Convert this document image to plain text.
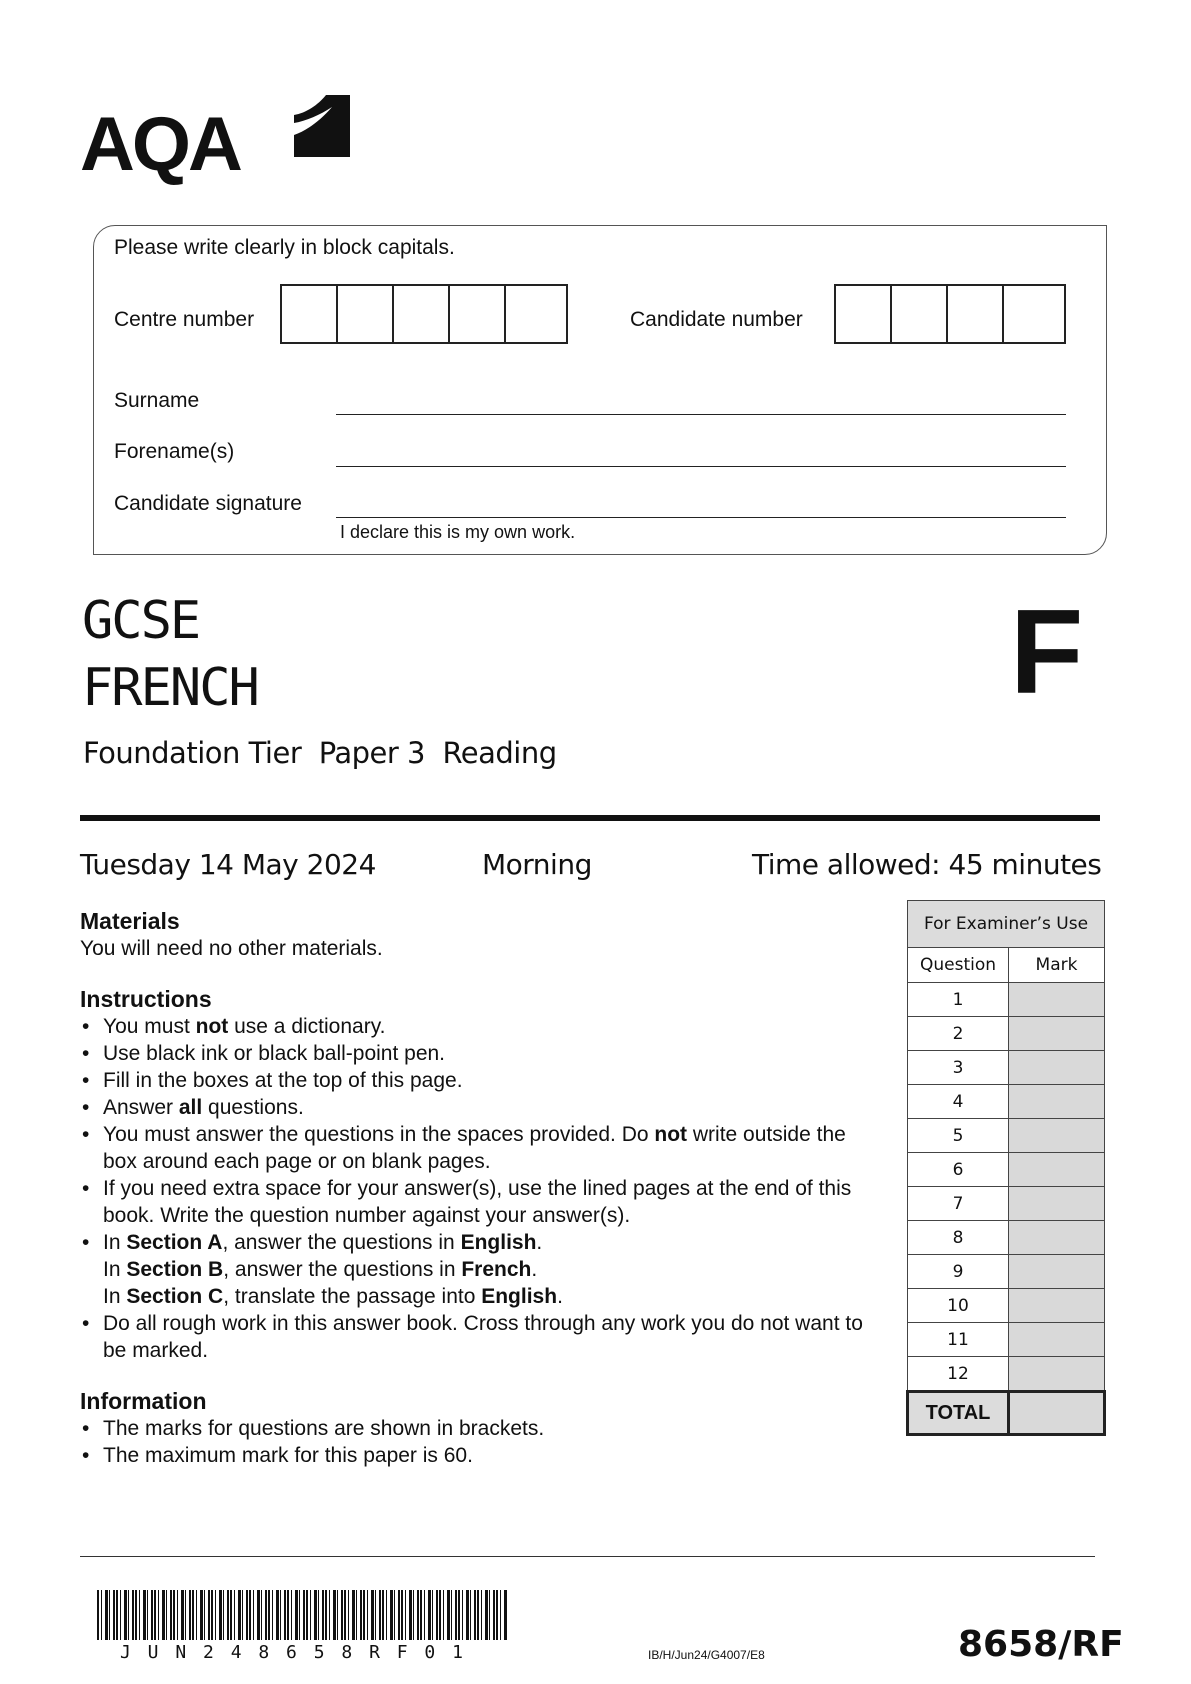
AQA
Please write clearly in block capitals.
Centre number	Candidate number
Surname
Forename(s)
Candidate signature
I declare this is my own work.
GCSE
FRENCH	F
Foundation Tier Paper 3 Reading
Tuesday 14 May 2024	Morning	Time allowed: 45 minutes
Materials
You will need no other materials.
Instructions
• You must not use a dictionary.
• Use black ink or black ball-point pen.
• Fill in the boxes at the top of this page.
• Answer all questions.
• You must answer the questions in the spaces provided. Do not write outside the box around each page or on blank pages.
• If you need extra space for your answer(s), use the lined pages at the end of this book. Write the question number against your answer(s).
• In Section A, answer the questions in English.
In Section B, answer the questions in French.
In Section C, translate the passage into English.
• Do all rough work in this answer book. Cross through any work you do not want to be marked.
Information
• The marks for questions are shown in brackets.
• The maximum mark for this paper is 60.
For Examiner’s Use	
Question	Mark
1	
2	
3	
4	
5	
6	
7	
8	
9	
10	
11	
12	
TOTAL	
J U N 2 4 8 6 5 8 R F 0 1	IB/H/Jun24/G4007/E8	8658/RF
